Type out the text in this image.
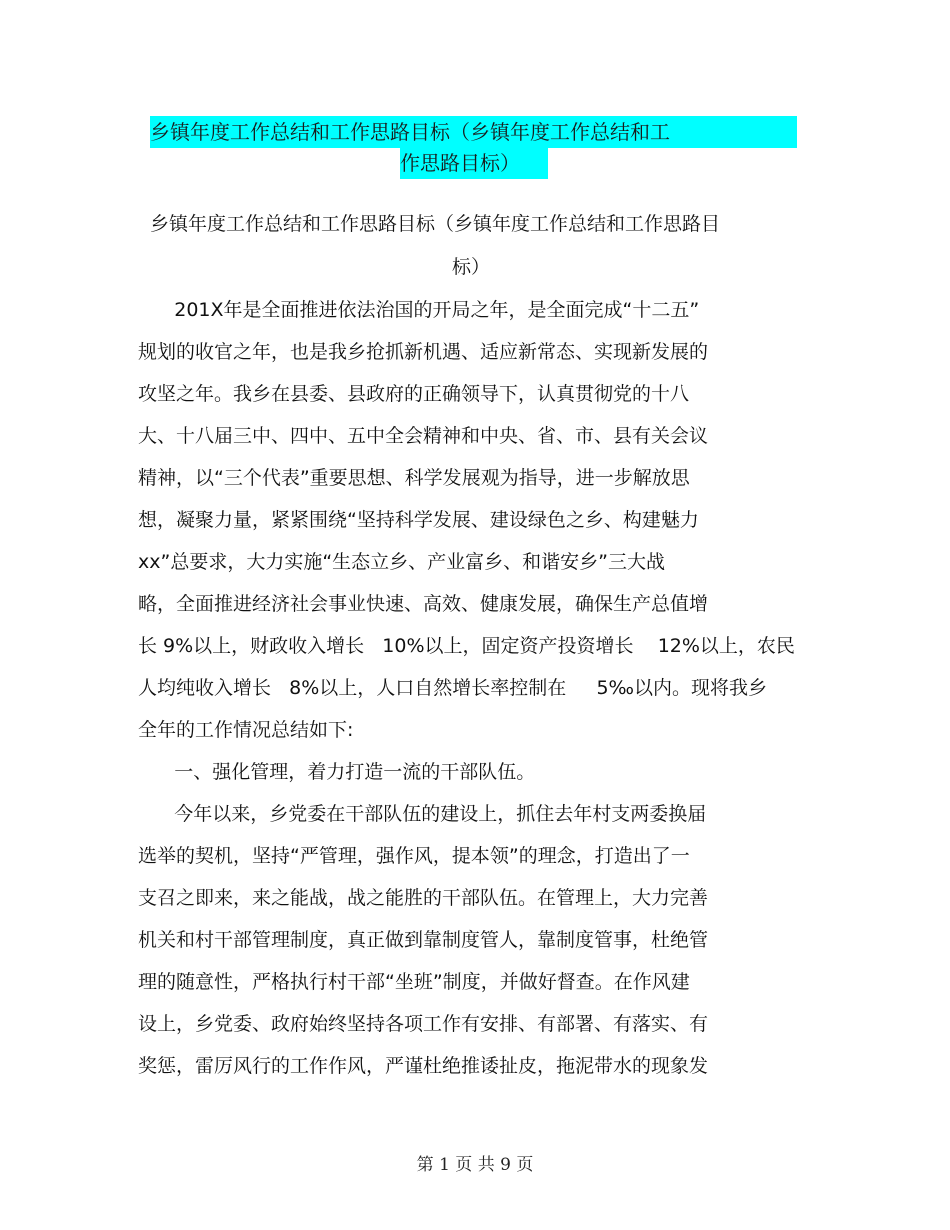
乡镇年度工作总结和工作思路目标（乡镇年度工作总结和工
作思路目标）
乡镇年度工作总结和工作思路目标（乡镇年度工作总结和工作思路目
标）
201X年是全面推进依法治国的开局之年，是全面完成“十二五”
规划的收官之年，也是我乡抢抓新机遇、适应新常态、实现新发展的
攻坚之年。我乡在县委、县政府的正确领导下，认真贯彻党的十八
大、十八届三中、四中、五中全会精神和中央、省、市、县有关会议
精神，以“三个代表”重要思想、科学发展观为指导，进一步解放思
想，凝聚力量，紧紧围绕“坚持科学发展、建设绿色之乡、构建魅力
xx”总要求，大力实施“生态立乡、产业富乡、和谐安乡”三大战
略，全面推进经济社会事业快速、高效、健康发展，确保生产总值增
长 9%以上，财政收入增长   10%以上，固定资产投资增长    12%以上，农民
人均纯收入增长   8%以上，人口自然增长率控制在     5‰以内。现将我乡
全年的工作情况总结如下:
一、强化管理，着力打造一流的干部队伍。
今年以来，乡党委在干部队伍的建设上，抓住去年村支两委换届
选举的契机，坚持“严管理，强作风，提本领”的理念，打造出了一
支召之即来，来之能战，战之能胜的干部队伍。在管理上，大力完善
机关和村干部管理制度，真正做到靠制度管人，靠制度管事，杜绝管
理的随意性，严格执行村干部“坐班”制度，并做好督查。在作风建
设上，乡党委、政府始终坚持各项工作有安排、有部署、有落实、有
奖惩，雷厉风行的工作作风，严谨杜绝推诿扯皮，拖泥带水的现象发
第 1 页 共 9 页
